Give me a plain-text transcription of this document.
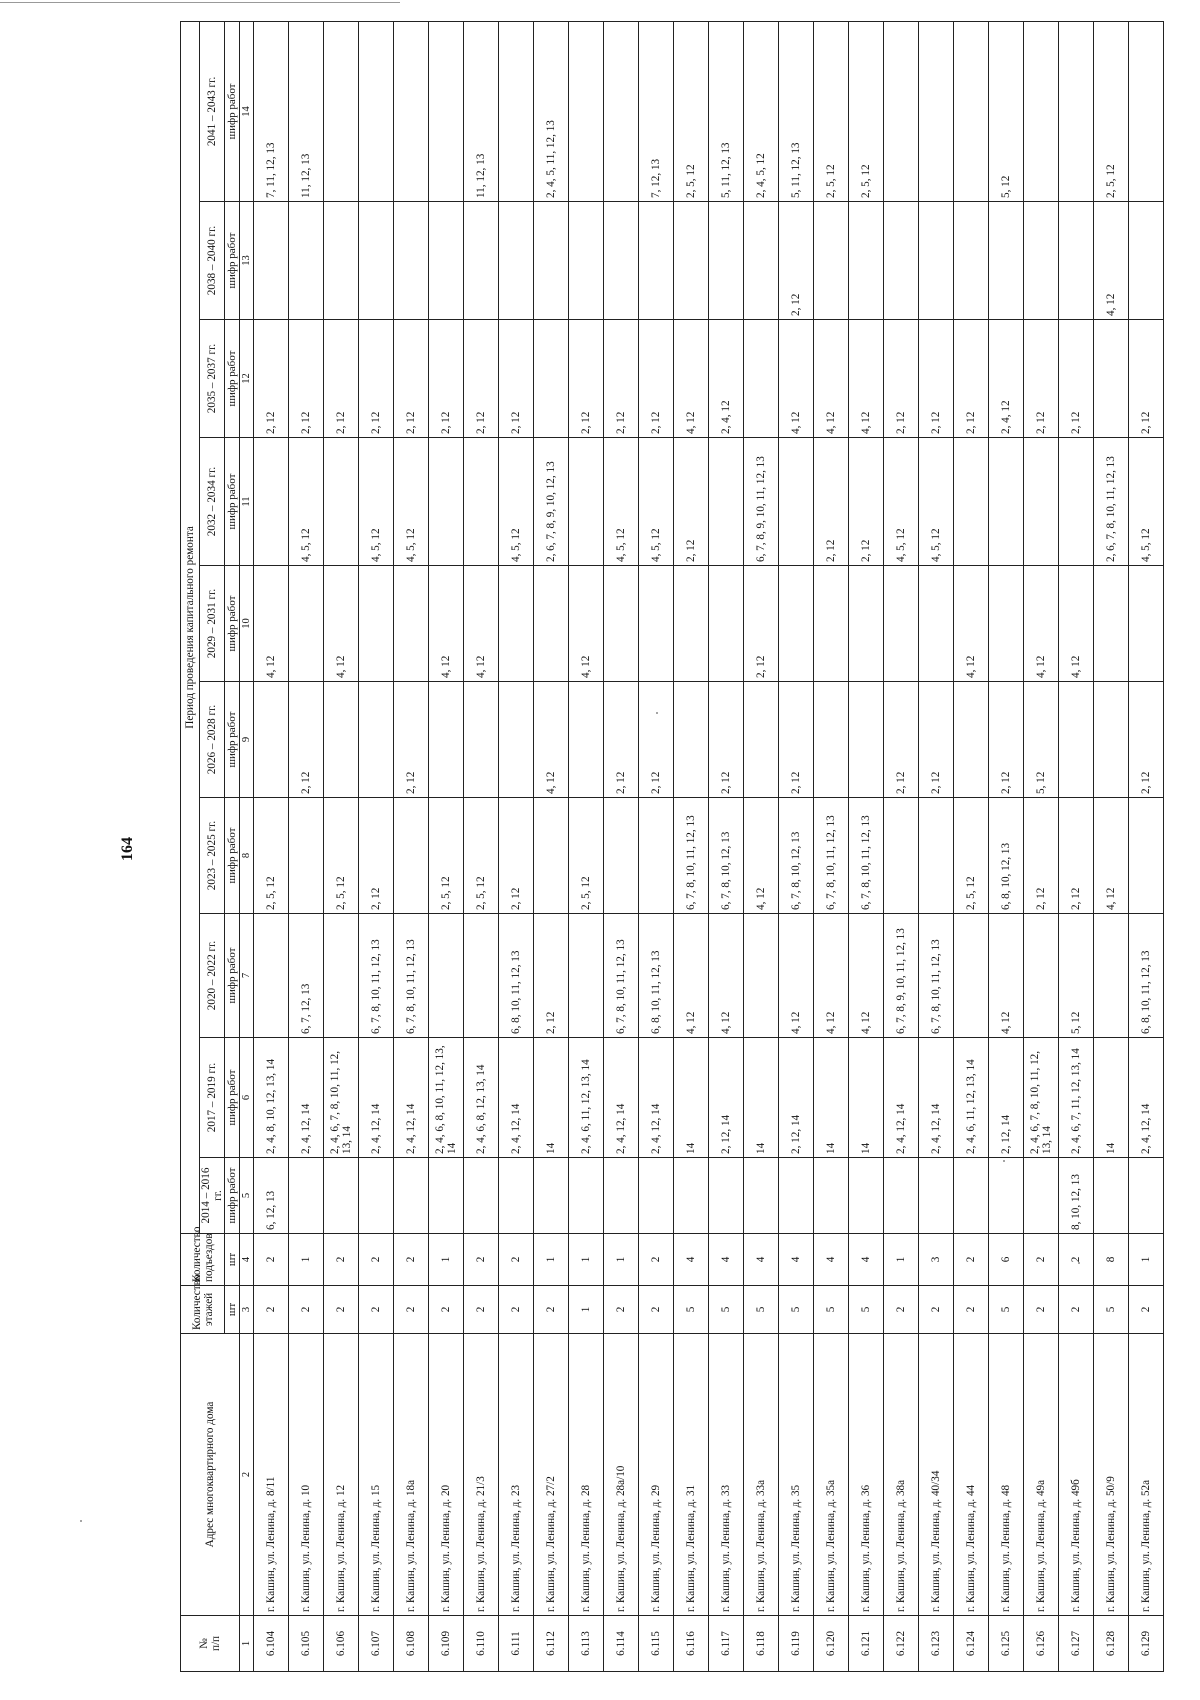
164
№
п/п	Адрес многоквартирного дома	Количество этажей	Количество подъездов	Период проведения капитального ремонта									
				2014 – 2016 гг.	2017 – 2019 гг.	2020 – 2022 гг.	2023 – 2025 гг.	2026 – 2028 гг.	2029 – 2031 гг.	2032 – 2034 гг.	2035 – 2037 гг.	2038 – 2040 гг.	2041 – 2043 гг.
		шт	шт	шифр работ	шифр работ	шифр работ	шифр работ	шифр работ	шифр работ	шифр работ	шифр работ	шифр работ	шифр работ
1	2	3	4	5	6	7	8	9	10	11	12	13	14
6.104	г. Кашин, ул. Ленина, д. 8/11	2	2	6, 12, 13	2, 4, 8, 10, 12, 13, 14		2, 5, 12		4, 12		2, 12		7, 11, 12, 13
6.105	г. Кашин, ул. Ленина, д. 10	2	1		2, 4, 12, 14	6, 7, 12, 13		2, 12		4, 5, 12	2, 12		11, 12, 13
6.106	г. Кашин, ул. Ленина, д. 12	2	2		2, 4, 6, 7, 8, 10, 11, 12, 13, 14		2, 5, 12		4, 12		2, 12		
6.107	г. Кашин, ул. Ленина, д. 15	2	2		2, 4, 12, 14	6, 7, 8, 10, 11, 12, 13	2, 12			4, 5, 12	2, 12		
6.108	г. Кашин, ул. Ленина, д. 18а	2	2		2, 4, 12, 14	6, 7, 8, 10, 11, 12, 13		2, 12		4, 5, 12	2, 12		
6.109	г. Кашин, ул. Ленина, д. 20	2	1		2, 4, 6, 8, 10, 11, 12, 13, 14		2, 5, 12		4, 12		2, 12		
6.110	г. Кашин, ул. Ленина, д. 21/3	2	2		2, 4, 6, 8, 12, 13, 14		2, 5, 12		4, 12		2, 12		11, 12, 13
6.111	г. Кашин, ул. Ленина, д. 23	2	2		2, 4, 12, 14	6, 8, 10, 11, 12, 13	2, 12			4, 5, 12	2, 12		
6.112	г. Кашин, ул. Ленина, д. 27/2	2	1		14	2, 12		4, 12		2, 6, 7, 8, 9, 10, 12, 13			2, 4, 5, 11, 12, 13
6.113	г. Кашин, ул. Ленина, д. 28	1	1		2, 4, 6, 11, 12, 13, 14		2, 5, 12		4, 12		2, 12		
6.114	г. Кашин, ул. Ленина, д. 28а/10	2	1		2, 4, 12, 14	6, 7, 8, 10, 11, 12, 13		2, 12		4, 5, 12	2, 12		
6.115	г. Кашин, ул. Ленина, д. 29	2	2		2, 4, 12, 14	6, 8, 10, 11, 12, 13		2, 12		4, 5, 12	2, 12		7, 12, 13
6.116	г. Кашин, ул. Ленина, д. 31	5	4		14	4, 12	6, 7, 8, 10, 11, 12, 13			2, 12	4, 12		2, 5, 12
6.117	г. Кашин, ул. Ленина, д. 33	5	4		2, 12, 14	4, 12	6, 7, 8, 10, 12, 13	2, 12			2, 4, 12		5, 11, 12, 13
6.118	г. Кашин, ул. Ленина, д. 33а	5	4		14		4, 12		2, 12	6, 7, 8, 9, 10, 11, 12, 13			2, 4, 5, 12
6.119	г. Кашин, ул. Ленина, д. 35	5	4		2, 12, 14	4, 12	6, 7, 8, 10, 12, 13	2, 12			4, 12	2, 12	5, 11, 12, 13
6.120	г. Кашин, ул. Ленина, д. 35а	5	4		14	4, 12	6, 7, 8, 10, 11, 12, 13			2, 12	4, 12		2, 5, 12
6.121	г. Кашин, ул. Ленина, д. 36	5	4		14	4, 12	6, 7, 8, 10, 11, 12, 13			2, 12	4, 12		2, 5, 12
6.122	г. Кашин, ул. Ленина, д. 38а	2	1		2, 4, 12, 14	6, 7, 8, 9, 10, 11, 12, 13		2, 12		4, 5, 12	2, 12		
6.123	г. Кашин, ул. Ленина, д. 40/34	2	3		2, 4, 12, 14	6, 7, 8, 10, 11, 12, 13		2, 12		4, 5, 12	2, 12		
6.124	г. Кашин, ул. Ленина, д. 44	2	2		2, 4, 6, 11, 12, 13, 14		2, 5, 12		4, 12		2, 12		
6.125	г. Кашин, ул. Ленина, д. 48	5	6		2, 12, 14	4, 12	6, 8, 10, 12, 13	2, 12			2, 4, 12		5, 12
6.126	г. Кашин, ул. Ленина, д. 49а	2	2		2, 4, 6, 7, 8, 10, 11, 12, 13, 14		2, 12	5, 12	4, 12		2, 12		
6.127	г. Кашин, ул. Ленина, д. 49б	2	2	8, 10, 12, 13	2, 4, 6, 7, 11, 12, 13, 14	5, 12	2, 12		4, 12		2, 12		
6.128	г. Кашин, ул. Ленина, д. 50/9	5	8		14		4, 12			2, 6, 7, 8, 10, 11, 12, 13		4, 12	2, 5, 12
6.129	г. Кашин, ул. Ленина, д. 52а	2	1		2, 4, 12, 14	6, 8, 10, 11, 12, 13		2, 12		4, 5, 12	2, 12		
